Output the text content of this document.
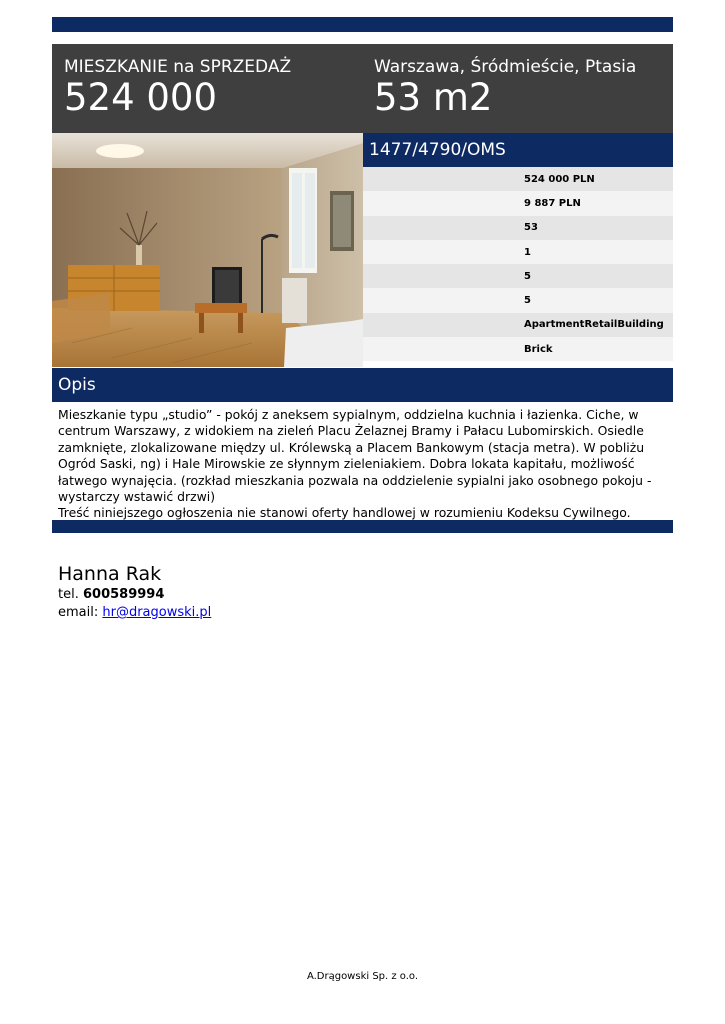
MIESZKANIE na SPRZEDAŻ
524 000
Warszawa, Śródmieście, Ptasia
53 m2
1477/4790/OMS
524 000 PLN
9 887 PLN
53
1
5
5
ApartmentRetailBuilding
Brick
Opis
Mieszkanie typu „studio” - pokój z aneksem sypialnym, oddzielna kuchnia i łazienka. Ciche, w
centrum Warszawy, z widokiem na zieleń Placu Żelaznej Bramy i Pałacu Lubomirskich. Osiedle
zamknięte, zlokalizowane między ul. Królewską a Placem Bankowym (stacja metra). W pobliżu
Ogród Saski, ng) i Hale Mirowskie ze słynnym zieleniakiem. Dobra lokata kapitału, możliwość
łatwego wynajęcia. (rozkład mieszkania pozwala na oddzielenie sypialni jako osobnego pokoju -
wystarczy wstawić drzwi)
Treść niniejszego ogłoszenia nie stanowi oferty handlowej w rozumieniu Kodeksu Cywilnego.
Hanna Rak
tel. 600589994
email: hr@dragowski.pl
A.Drągowski Sp. z o.o.
